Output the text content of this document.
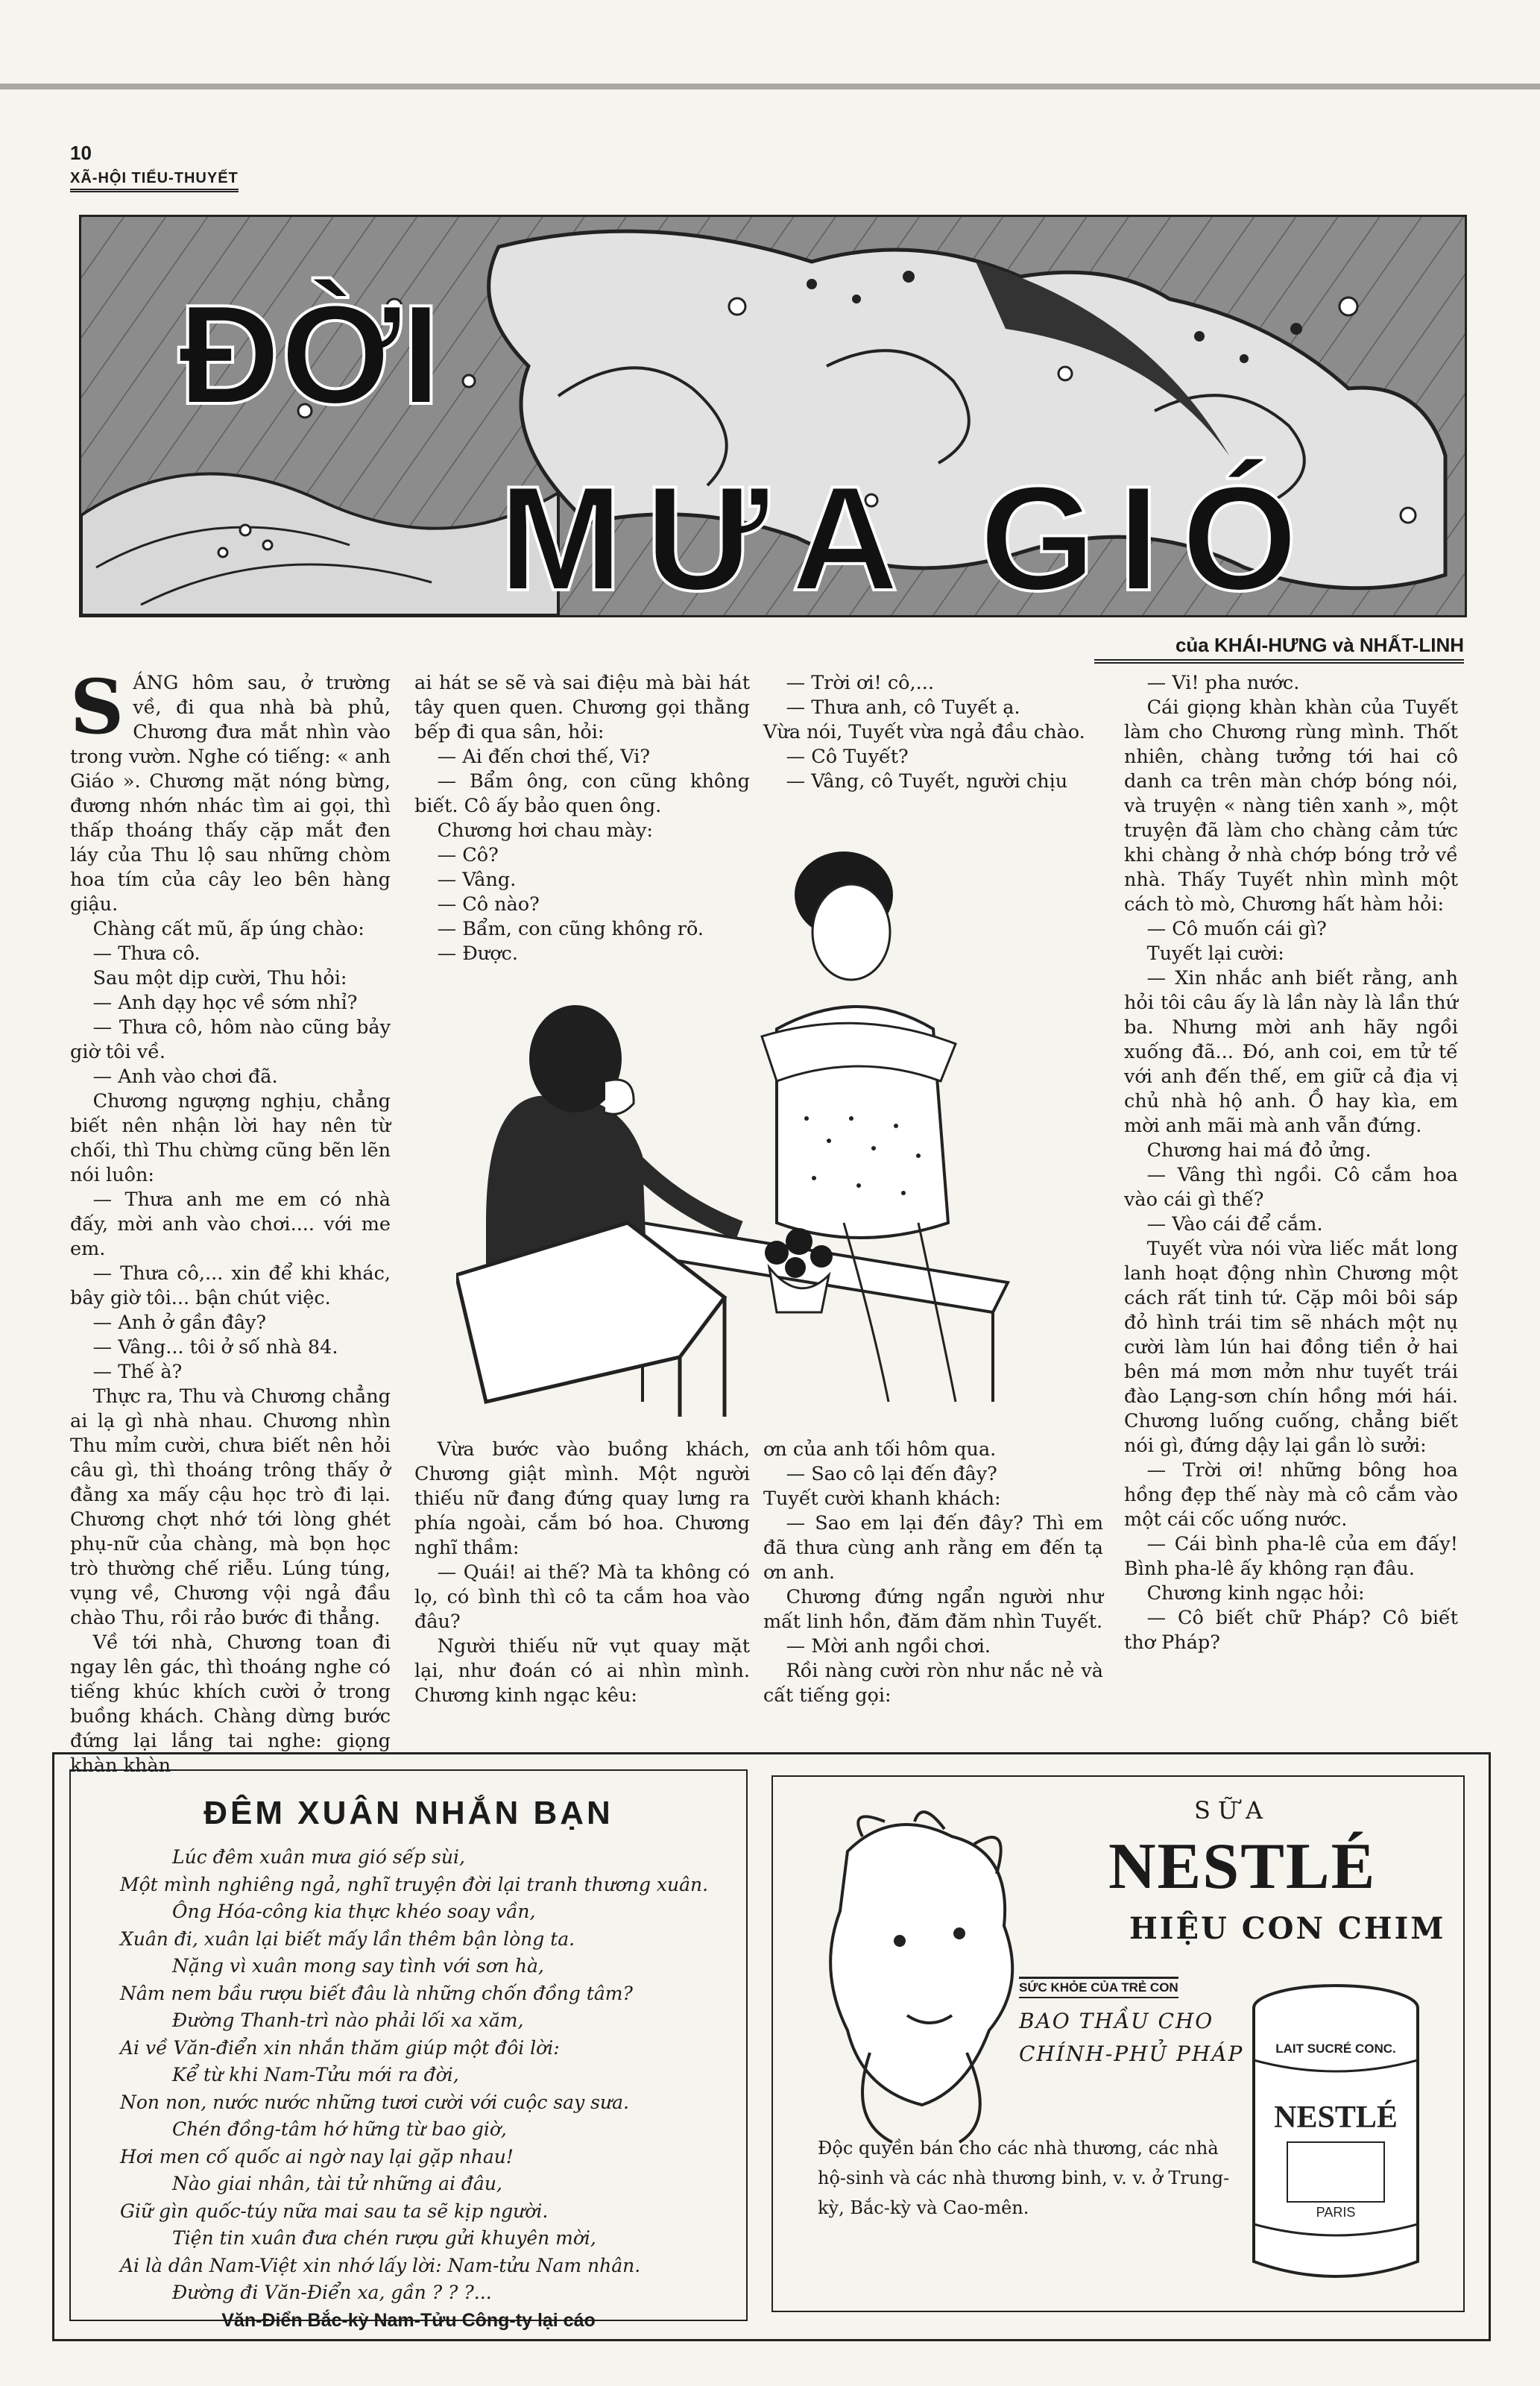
10
XÃ-HỘI TIỂU-THUYẾT
ĐỜI
MƯA GIÓ
của KHÁI-HƯNG và NHẤT-LINH

SÁNG hôm sau, ở trường về, đi qua nhà bà phủ, Chương đưa mắt nhìn vào trong vườn. Nghe có tiếng: « anh Giáo ». Chương mặt nóng bừng, đương nhớn nhác tìm ai gọi, thì thấp thoáng thấy cặp mắt đen láy của Thu lộ sau những chòm hoa tím của cây leo bên hàng giậu.

Chàng cất mũ, ấp úng chào:

— Thưa cô.

Sau một dịp cười, Thu hỏi:

— Anh dạy học về sớm nhỉ?

— Thưa cô, hôm nào cũng bảy giờ tôi về.

— Anh vào chơi đã.

Chương ngượng nghịu, chẳng biết nên nhận lời hay nên từ chối, thì Thu chừng cũng bẽn lẽn nói luôn:

— Thưa anh me em có nhà đấy, mời anh vào chơi.... với me em.

— Thưa cô,... xin để khi khác, bây giờ tôi... bận chút việc.

— Anh ở gần đây?

— Vâng... tôi ở số nhà 84.

— Thế à?

Thực ra, Thu và Chương chẳng ai lạ gì nhà nhau. Chương nhìn Thu mỉm cười, chưa biết nên hỏi câu gì, thì thoáng trông thấy ở đằng xa mấy cậu học trò đi lại. Chương chợt nhớ tới lòng ghét phụ-nữ của chàng, mà bọn học trò thường chế riễu. Lúng túng, vụng về, Chương vội ngả đầu chào Thu, rồi rảo bước đi thẳng.

Về tới nhà, Chương toan đi ngay lên gác, thì thoáng nghe có tiếng khúc khích cười ở trong buồng khách. Chàng dừng bước đứng lại lắng tai nghe: giọng khàn khàn

ai hát se sẽ và sai điệu mà bài hát tây quen quen. Chương gọi thằng bếp đi qua sân, hỏi:

— Ai đến chơi thế, Vi?

— Bẩm ông, con cũng không biết. Cô ấy bảo quen ông.

Chương hơi chau mày:

— Cô?

— Vâng.

— Cô nào?

— Bẩm, con cũng không rõ.

— Được.

— Trời ơi! cô,...

— Thưa anh, cô Tuyết ạ.

Vừa nói, Tuyết vừa ngả đầu chào.

— Cô Tuyết?

— Vâng, cô Tuyết, người chịu

Vừa bước vào buồng khách, Chương giật mình. Một người thiếu nữ đang đứng quay lưng ra phía ngoài, cắm bó hoa. Chương nghĩ thầm:

— Quái! ai thế? Mà ta không có lọ, có bình thì cô ta cắm hoa vào đâu?

Người thiếu nữ vụt quay mặt lại, như đoán có ai nhìn mình. Chương kinh ngạc kêu:

ơn của anh tối hôm qua.

— Sao cô lại đến đây?

Tuyết cười khanh khách:

— Sao em lại đến đây? Thì em đã thưa cùng anh rằng em đến tạ ơn anh.

Chương đứng ngẩn người như mất linh hồn, đăm đăm nhìn Tuyết.

— Mời anh ngồi chơi.

Rồi nàng cười ròn như nắc nẻ và cất tiếng gọi:

— Vi! pha nước.

Cái giọng khàn khàn của Tuyết làm cho Chương rùng mình. Thốt nhiên, chàng tưởng tới hai cô danh ca trên màn chớp bóng nói, và truyện « nàng tiên xanh », một truyện đã làm cho chàng cảm tức khi chàng ở nhà chớp bóng trở về nhà. Thấy Tuyết nhìn mình một cách tò mò, Chương hất hàm hỏi:

— Cô muốn cái gì?

Tuyết lại cười:

— Xin nhắc anh biết rằng, anh hỏi tôi câu ấy là lần này là lần thứ ba. Nhưng mời anh hãy ngồi xuống đã... Đó, anh coi, em tử tế với anh đến thế, em giữ cả địa vị chủ nhà hộ anh. Ồ hay kìa, em mời anh mãi mà anh vẫn đứng.

Chương hai má đỏ ửng.

— Vâng thì ngồi. Cô cắm hoa vào cái gì thế?

— Vào cái để cắm.

Tuyết vừa nói vừa liếc mắt long lanh hoạt động nhìn Chương một cách rất tinh tứ. Cặp môi bôi sáp đỏ hình trái tim sẽ nhách một nụ cười làm lún hai đồng tiền ở hai bên má mơn mởn như tuyết trái đào Lạng-sơn chín hồng mới hái. Chương luống cuống, chẳng biết nói gì, đứng dậy lại gần lò sưởi:

— Trời ơi! những bông hoa hồng đẹp thế này mà cô cắm vào một cái cốc uống nước.

— Cái bình pha-lê của em đấy! Bình pha-lê ấy không rạn đâu.

Chương kinh ngạc hỏi:

— Cô biết chữ Pháp? Cô biết thơ Pháp?

ĐÊM XUÂN NHẮN BẠN
Lúc đêm xuân mưa gió sếp sùi,
Một mình nghiêng ngả, nghĩ truyện đời lại tranh thương xuân.
Ông Hóa-công kia thực khéo soay vần,
Xuân đi, xuân lại biết mấy lần thêm bận lòng ta.
Nặng vì xuân mong say tình với sơn hà,
Nâm nem bầu rượu biết đâu là những chốn đồng tâm?
Đường Thanh-trì nào phải lối xa xăm,
Ai về Văn-điển xin nhắn thăm giúp một đôi lời:
Kể từ khi Nam-Tửu mới ra đời,
Non non, nước nước những tươi cười với cuộc say sưa.
Chén đồng-tâm hớ hững từ bao giờ,
Hơi men cố quốc ai ngờ nay lại gặp nhau!
Nào giai nhân, tài tử những ai đâu,
Giữ gìn quốc-túy nữa mai sau ta sẽ kịp người.
Tiện tin xuân đưa chén rượu gửi khuyên mời,
Ai là dân Nam-Việt xin nhớ lấy lời: Nam-tửu Nam nhân.
Đường đi Văn-Điển xa, gần ? ? ?...
Văn-Điển Bắc-kỳ Nam-Tửu Công-ty lại cáo
SỮA
NESTLÉ
HIỆU CON CHIM
SỨC KHỎE CỦA TRẺ CON
BAO THẦU CHO
CHÍNH-PHỦ PHÁP
Độc quyền bán cho các nhà thương, các nhà hộ-sinh và các nhà thương binh, v. v. ở Trung-kỳ, Bắc-kỳ và Cao-mên.
LAIT SUCRÉ CONC.
NESTLÉ
PARIS
